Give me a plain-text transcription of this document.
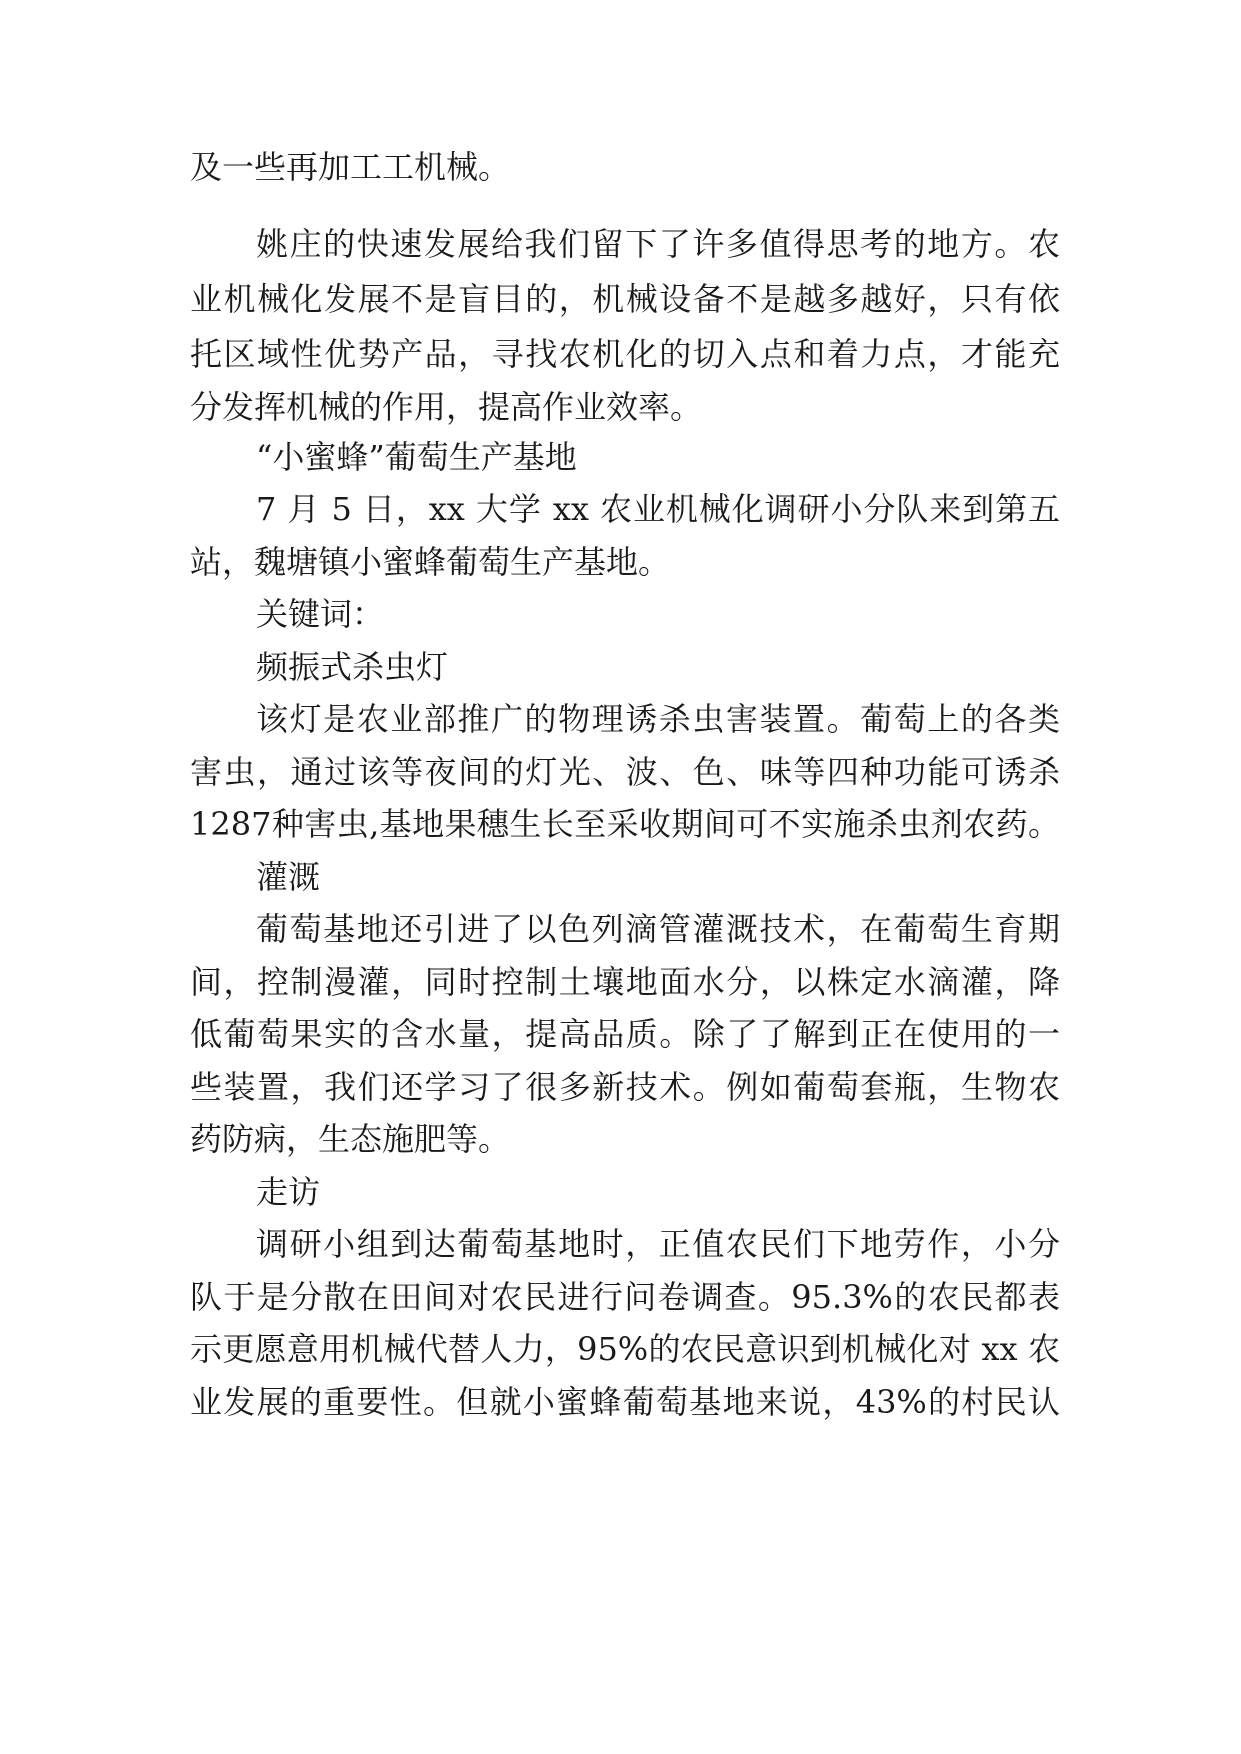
及一些再加工工机械。
姚庄的快速发展给我们留下了许多值得思考的地方。农
业机械化发展不是盲目的，机械设备不是越多越好，只有依
托区域性优势产品，寻找农机化的切入点和着力点，才能充
分发挥机械的作用，提高作业效率。
“小蜜蜂”葡萄生产基地
7 月 5 日，xx 大学 xx 农业机械化调研小分队来到第五
站，魏塘镇小蜜蜂葡萄生产基地。
关键词：
频振式杀虫灯
该灯是农业部推广的物理诱杀虫害装置。葡萄上的各类
害虫，通过该等夜间的灯光、波、色、味等四种功能可诱杀
1287种害虫,基地果穗生长至采收期间可不实施杀虫剂农药。
灌溉
葡萄基地还引进了以色列滴管灌溉技术，在葡萄生育期
间，控制漫灌，同时控制土壤地面水分，以株定水滴灌，降
低葡萄果实的含水量，提高品质。除了了解到正在使用的一
些装置，我们还学习了很多新技术。例如葡萄套瓶，生物农
药防病，生态施肥等。
走访
调研小组到达葡萄基地时，正值农民们下地劳作，小分
队于是分散在田间对农民进行问卷调查。95.3%的农民都表
示更愿意用机械代替人力，95%的农民意识到机械化对 xx 农
业发展的重要性。但就小蜜蜂葡萄基地来说，43%的村民认
